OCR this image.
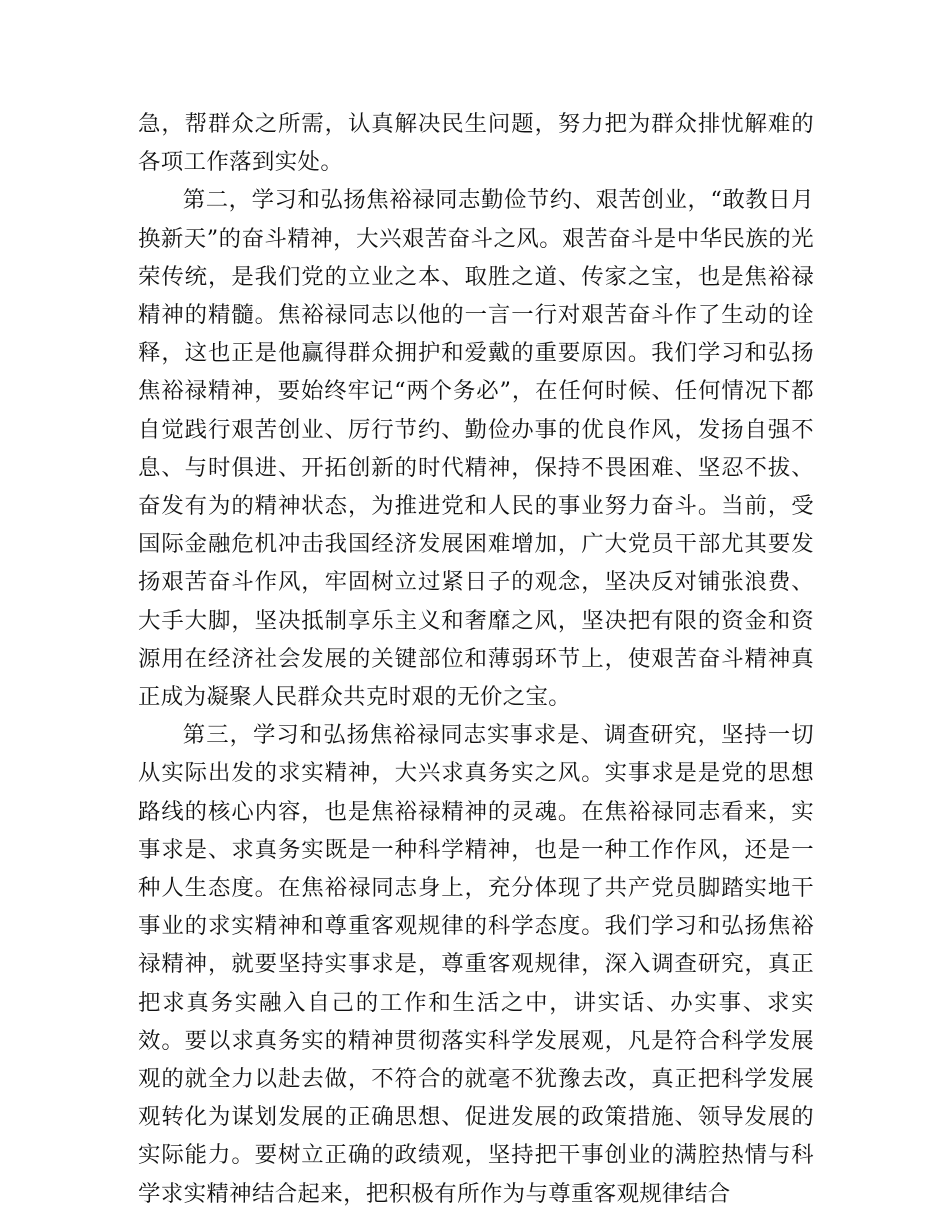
急，帮群众之所需，认真解决民生问题，努力把为群众排忧解难的各项工作落到实处。

第二，学习和弘扬焦裕禄同志勤俭节约、艰苦创业，“敢教日月换新天”的奋斗精神，大兴艰苦奋斗之风。艰苦奋斗是中华民族的光荣传统，是我们党的立业之本、取胜之道、传家之宝，也是焦裕禄精神的精髓。焦裕禄同志以他的一言一行对艰苦奋斗作了生动的诠释，这也正是他赢得群众拥护和爱戴的重要原因。我们学习和弘扬焦裕禄精神，要始终牢记“两个务必”，在任何时候、任何情况下都自觉践行艰苦创业、厉行节约、勤俭办事的优良作风，发扬自强不息、与时俱进、开拓创新的时代精神，保持不畏困难、坚忍不拔、奋发有为的精神状态，为推进党和人民的事业努力奋斗。当前，受国际金融危机冲击我国经济发展困难增加，广大党员干部尤其要发扬艰苦奋斗作风，牢固树立过紧日子的观念，坚决反对铺张浪费、大手大脚，坚决抵制享乐主义和奢靡之风，坚决把有限的资金和资源用在经济社会发展的关键部位和薄弱环节上，使艰苦奋斗精神真正成为凝聚人民群众共克时艰的无价之宝。

第三，学习和弘扬焦裕禄同志实事求是、调查研究，坚持一切从实际出发的求实精神，大兴求真务实之风。实事求是是党的思想路线的核心内容，也是焦裕禄精神的灵魂。在焦裕禄同志看来，实事求是、求真务实既是一种科学精神，也是一种工作作风，还是一种人生态度。在焦裕禄同志身上，充分体现了共产党员脚踏实地干事业的求实精神和尊重客观规律的科学态度。我们学习和弘扬焦裕禄精神，就要坚持实事求是，尊重客观规律，深入调查研究，真正把求真务实融入自己的工作和生活之中，讲实话、办实事、求实效。要以求真务实的精神贯彻落实科学发展观，凡是符合科学发展观的就全力以赴去做，不符合的就毫不犹豫去改，真正把科学发展观转化为谋划发展的正确思想、促进发展的政策措施、领导发展的实际能力。要树立正确的政绩观，坚持把干事创业的满腔热情与科学求实精神结合起来，把积极有所作为与尊重客观规律结合
